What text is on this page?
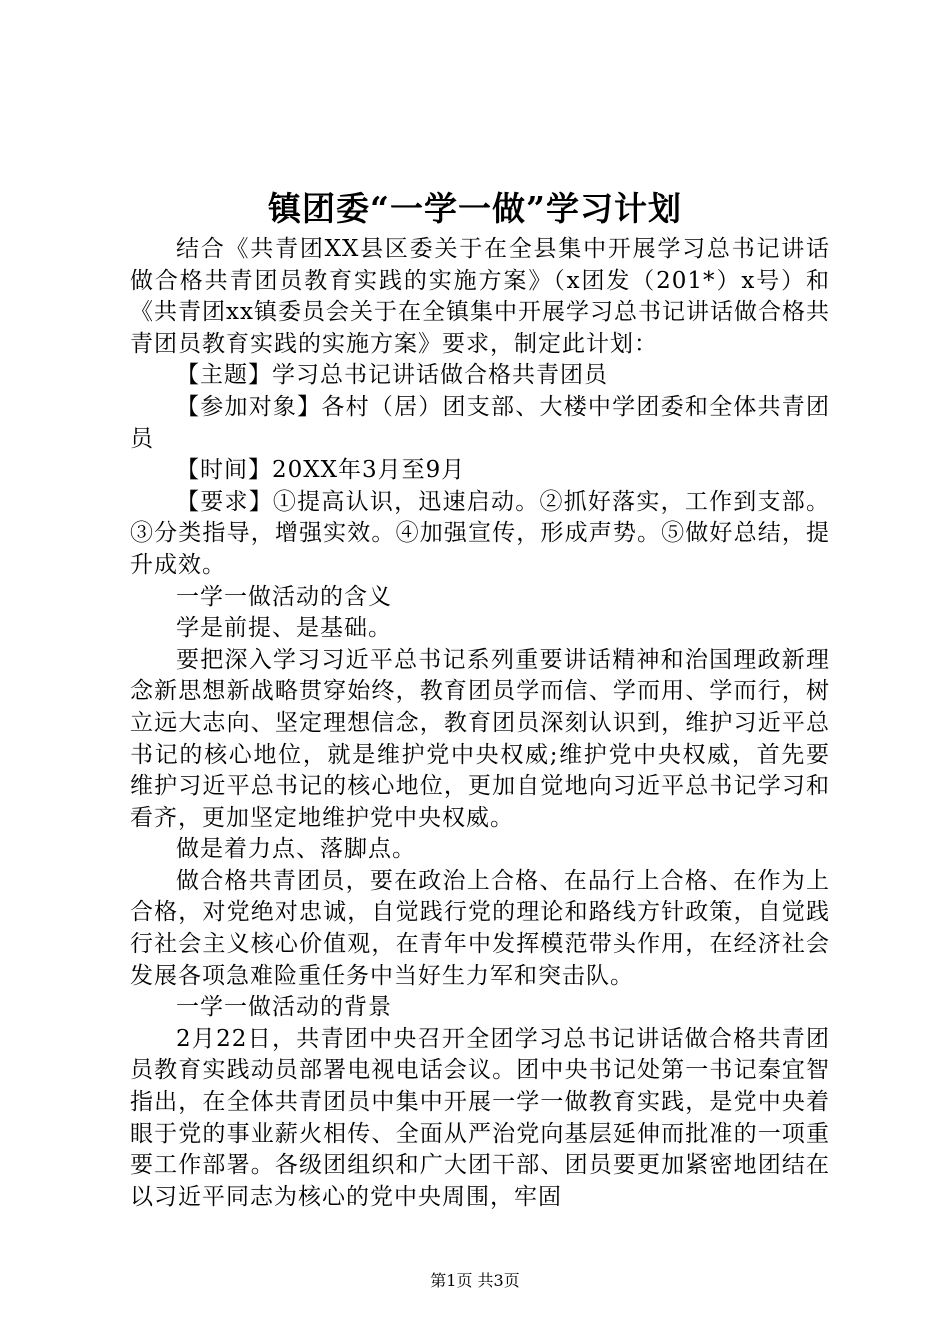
镇团委“一学一做”学习计划

结合《共青团XX县区委关于在全县集中开展学习总书记讲话做合格共青团员教育实践的实施方案》（x团发（201*）x号）和《共青团xx镇委员会关于在全镇集中开展学习总书记讲话做合格共青团员教育实践的实施方案》要求，制定此计划：

【主题】学习总书记讲话做合格共青团员

【参加对象】各村（居）团支部、大楼中学团委和全体共青团员

【时间】20XX年3月至9月

【要求】①提高认识，迅速启动。②抓好落实，工作到支部。③分类指导，增强实效。④加强宣传，形成声势。⑤做好总结，提升成效。

一学一做活动的含义

学是前提、是基础。

要把深入学习习近平总书记系列重要讲话精神和治国理政新理念新思想新战略贯穿始终，教育团员学而信、学而用、学而行，树立远大志向、坚定理想信念，教育团员深刻认识到，维护习近平总书记的核心地位，就是维护党中央权威;维护党中央权威，首先要维护习近平总书记的核心地位，更加自觉地向习近平总书记学习和看齐，更加坚定地维护党中央权威。

做是着力点、落脚点。

做合格共青团员，要在政治上合格、在品行上合格、在作为上合格，对党绝对忠诚，自觉践行党的理论和路线方针政策，自觉践行社会主义核心价值观，在青年中发挥模范带头作用，在经济社会发展各项急难险重任务中当好生力军和突击队。

一学一做活动的背景

2月22日，共青团中央召开全团学习总书记讲话做合格共青团员教育实践动员部署电视电话会议。团中央书记处第一书记秦宜智指出，在全体共青团员中集中开展一学一做教育实践，是党中央着眼于党的事业薪火相传、全面从严治党向基层延伸而批准的一项重要工作部署。各级团组织和广大团干部、团员要更加紧密地团结在以习近平同志为核心的党中央周围，牢固

第1页 共3页
